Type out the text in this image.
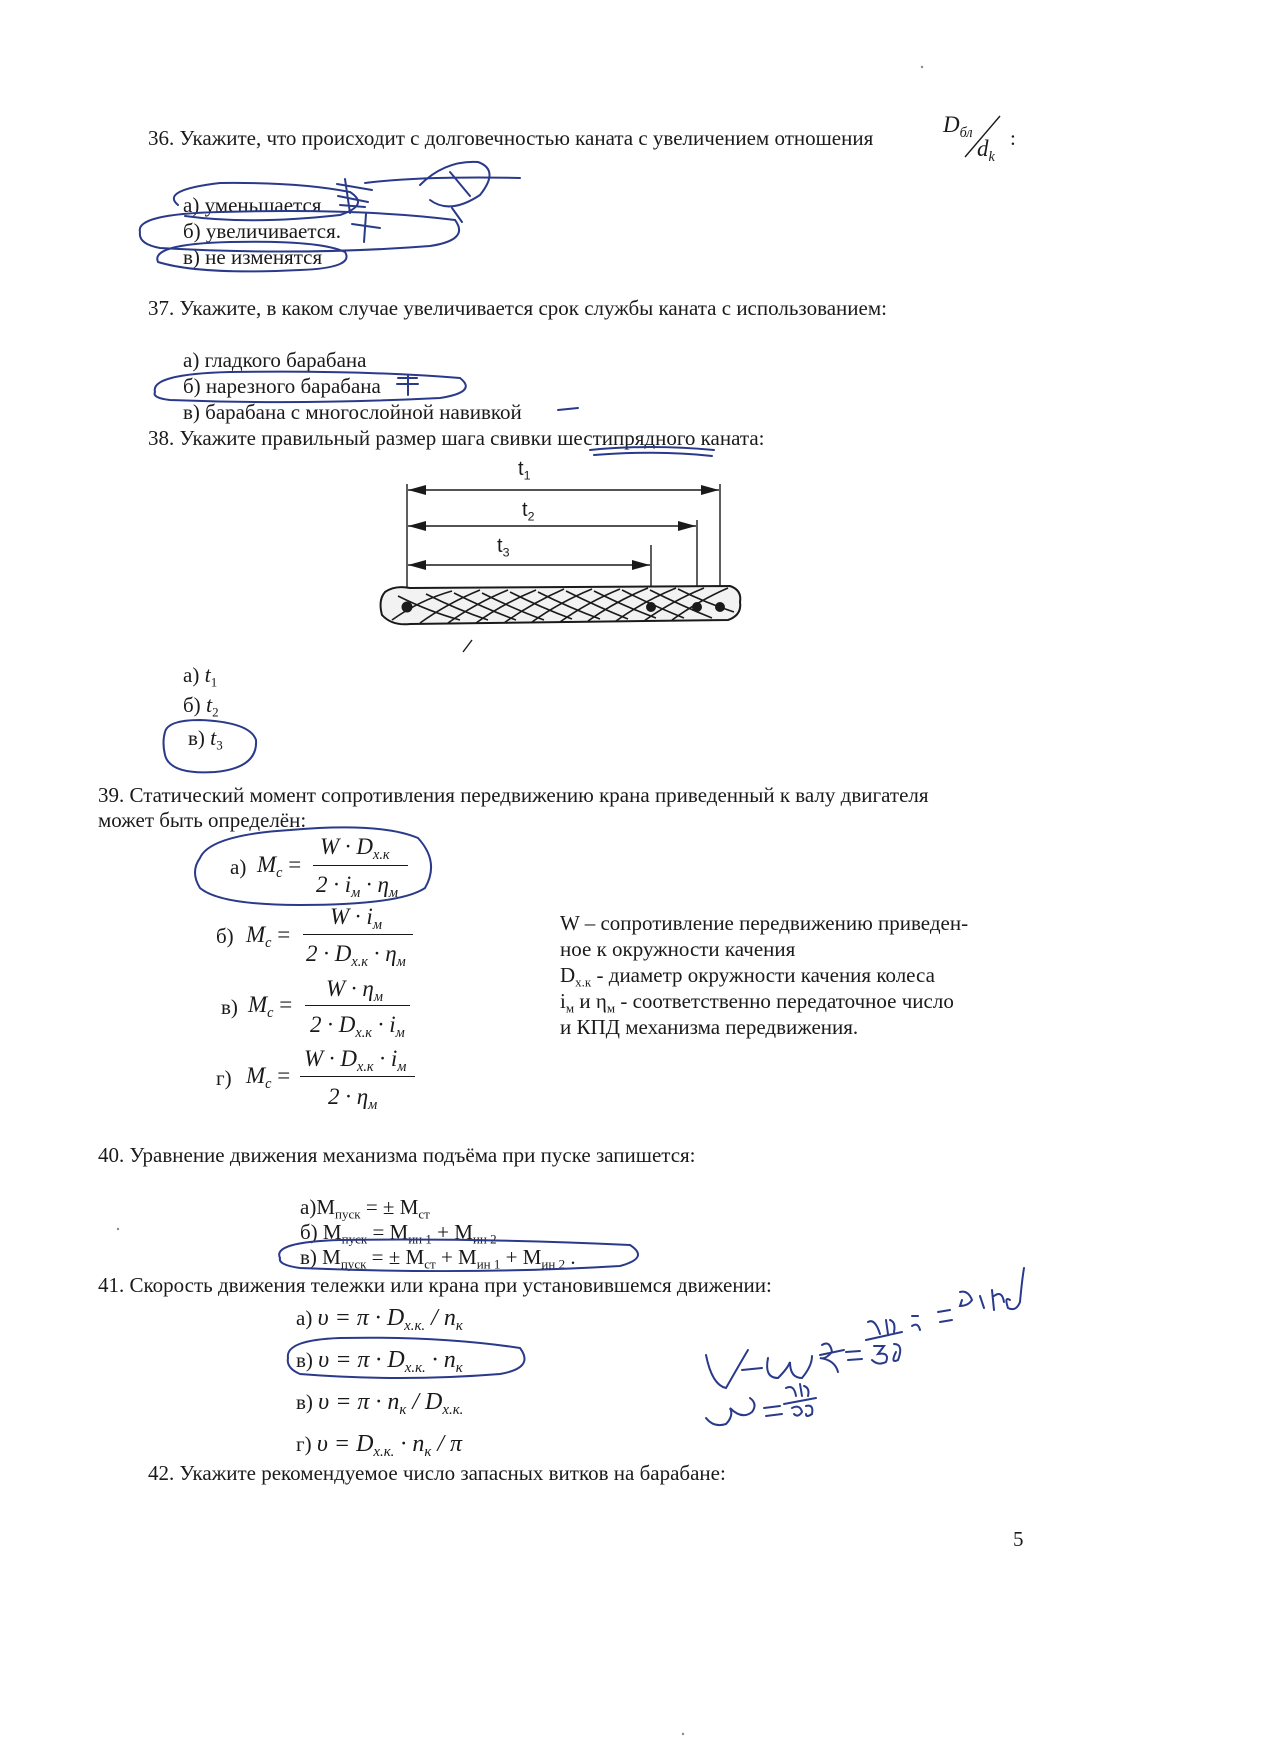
36. Укажите, что происходит с долговечностью каната с увеличением отношения
$D_{бл}$
$d_k$
:
а) уменьшается
б) увеличивается.
в) не изменятся
37. Укажите, в каком случае увеличивается срок службы каната с использованием:
а) гладкого барабана
б) нарезного барабана
в) барабана с многослойной навивкой
38. Укажите правильный размер шага свивки шестипрядного каната:
$t_1$
$t_2$
$t_3$
а) $t_1$
б) $t_2$
в) $t_3$
39. Статический момент сопротивления передвижению крана приведенный к валу двигателя
может быть определён:
а) $M_с$ =
$W \cdot D_{х.к}$
$2 \cdot i_м \cdot \eta_м$
б) $M_с$ =
$W \cdot i_м$
$2 \cdot D_{х.к} \cdot \eta_м$
в) $M_с$ =
$W \cdot \eta_м$
$2 \cdot D_{х.к} \cdot i_м$
г) $M_с$ =
$W \cdot D_{х.к} \cdot i_м$
$2 \cdot \eta_м$
W – сопротивление передвижению приведен-
ное к окружности качения
$D_{х.к}$ - диаметр окружности качения колеса
$i_м$ и $\eta_м$ - соответственно передаточное число
и КПД механизма передвижения.
40. Уравнение движения механизма подъёма при пуске запишется:
$а)М_{пуск}$ = ± $М_{ст}$
б) $М_{пуск} = М_{ин 1} + М_{ин 2}$
в) $М_{пуск}$ = ± $М_{ст} + М_{ин 1} + М_{ин 2}$ .
41. Скорость движения тележки или крана при установившемся движении:
а) $\upsilon = \pi \cdot D_{х.к.} / n_к$
в) $\upsilon = \pi \cdot D_{х.к.} \cdot n_к$
в) $\upsilon = \pi \cdot n_к / D_{х.к.}$
г) $\upsilon = D_{х.к.} \cdot n_к / \pi$
42. Укажите рекомендуемое число запасных витков на барабане:
5
